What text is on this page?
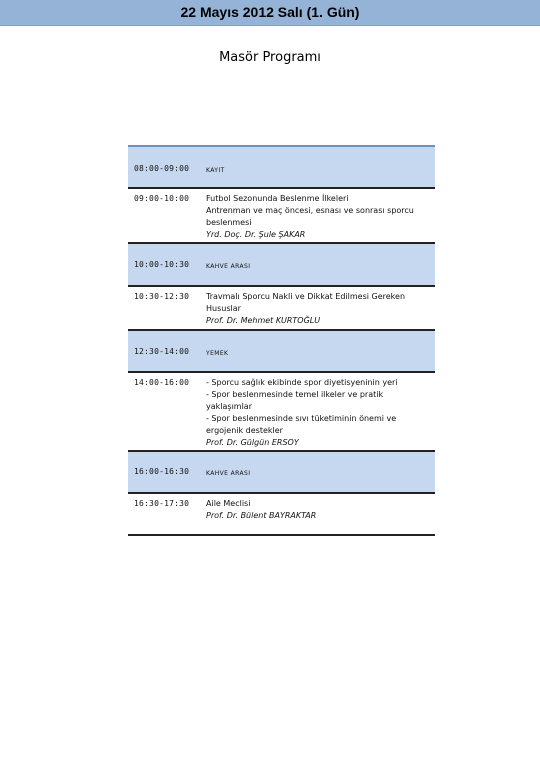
22 Mayıs 2012 Salı (1. Gün)
Masör Programı
08:00-09:00	KAYIT
09:00-10:00	Futbol Sezonunda Beslenme İlkeleri
Antrenman ve maç öncesi, esnası ve sonrası sporcu
beslenmesi
Yrd. Doç. Dr. Şule ŞAKAR
10:00-10:30	KAHVE ARASI
10:30-12:30	Travmalı Sporcu Nakli ve Dikkat Edilmesi Gereken
Hususlar
Prof. Dr. Mehmet KURTOĞLU
12:30-14:00	YEMEK
14:00-16:00	- Sporcu sağlık ekibinde spor diyetisyeninin yeri
- Spor beslenmesinde temel ilkeler ve pratik
yaklaşımlar
- Spor beslenmesinde sıvı tüketiminin önemi ve
ergojenik destekler
Prof. Dr. Gülgün ERSOY
16:00-16:30	KAHVE ARASI
16:30-17:30	Aile Meclisi
Prof. Dr. Bülent BAYRAKTAR
